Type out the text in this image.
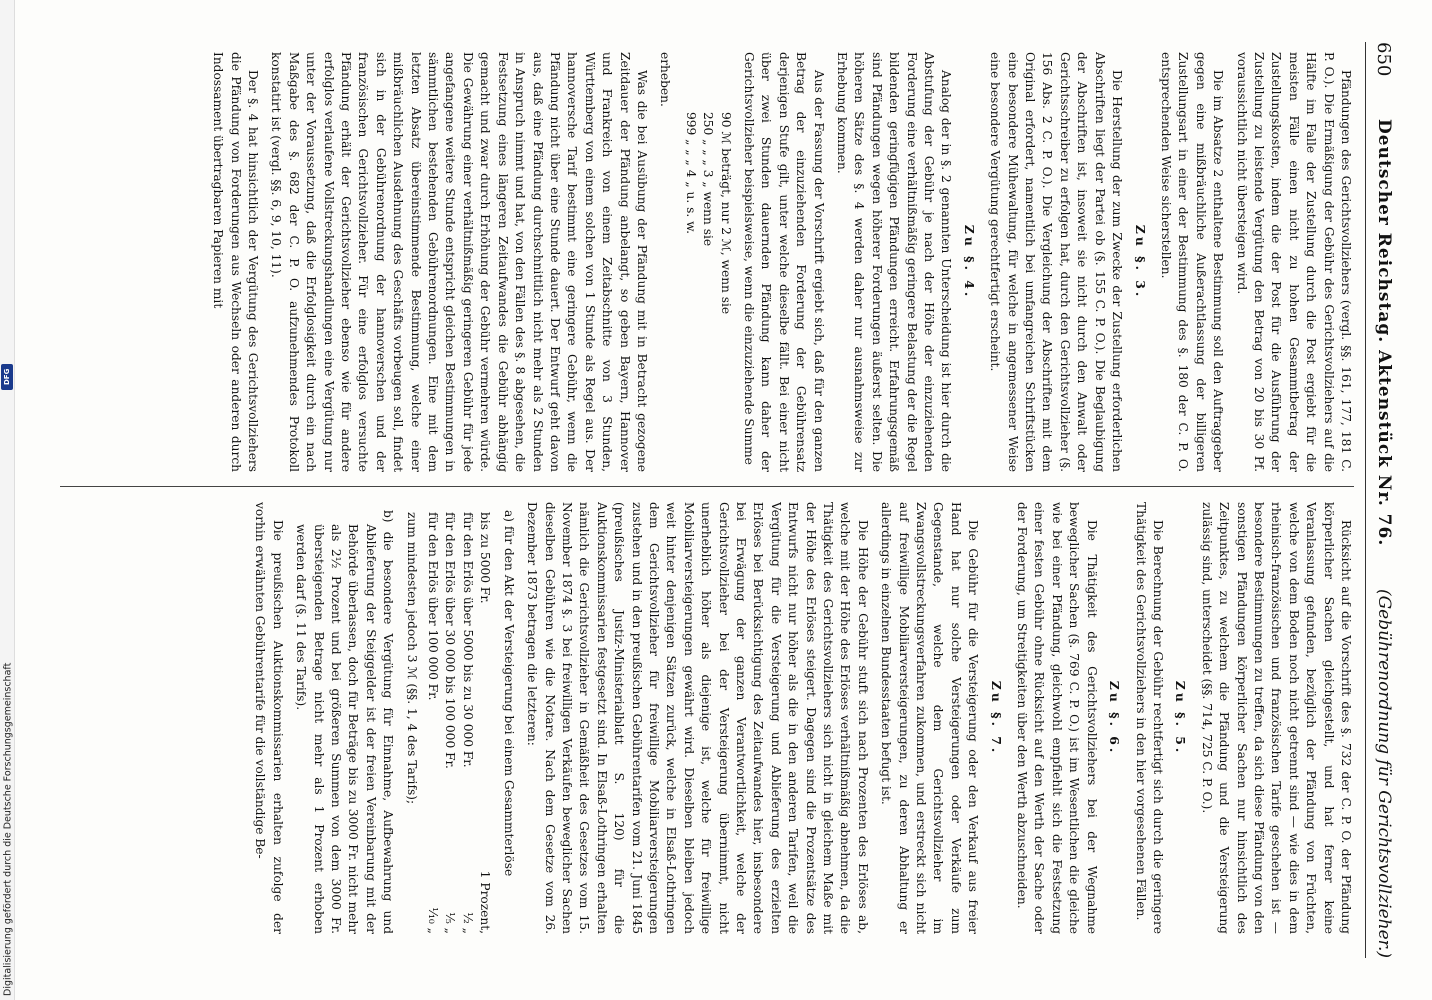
650
Deutscher Reichstag. Aktenstück Nr. 76.
(Gebührenordnung für Gerichtsvollzieher.)

Pfändungen des Gerichtsvollziehers (vergl. §§. 161, 177, 181 C. P. O.). Die Ermäßigung der Gebühr des Gerichtsvollziehers auf die Hälfte im Falle der Zustellung durch die Post ergiebt für die meisten Fälle einen nicht zu hohen Gesammtbetrag der Zustellungskosten, indem die der Post für die Ausführung der Zustellung zu leistende Vergütung den Betrag von 20 bis 30 Pf. voraussichtlich nicht übersteigen wird.

Die im Absatze 2 enthaltene Bestimmung soll den Auftraggeber gegen eine mißbräuchliche Außerachtlassung der billigeren Zustellungsart in einer der Bestimmung des §. 180 der C. P. O. entsprechenden Weise sicherstellen.

Zu §. 3.

Die Herstellung der zum Zwecke der Zustellung erforderlichen Abschriften liegt der Partei ob (§. 155 C. P. O.). Die Beglaubigung der Abschriften ist, insoweit sie nicht durch den Anwalt oder Gerichtsschreiber zu erfolgen hat, durch den Gerichtsvollzieher (§. 156 Abs. 2 C. P. O.). Die Vergleichung der Abschriften mit dem Original erfordert, namentlich bei umfangreichen Schriftstücken eine besondere Mühewaltung, für welche in angemessener Weise eine besondere Vergütung gerechtfertigt erscheint.

Zu §. 4.

Analog der in §. 2 genannten Unterscheidung ist hier durch die Abstufung der Gebühr je nach der Höhe der einzuziehenden Forderung eine verhältnißmäßig geringere Belastung der die Regel bildenden geringfügigen Pfändungen erreicht. Erfahrungsgemäß sind Pfändungen wegen höherer Forderungen äußerst selten. Die höheren Sätze des §. 4 werden daher nur ausnahmsweise zur Erhebung kommen.

Aus der Fassung der Vorschrift ergiebt sich, daß für den ganzen Betrag der einzuziehenden Forderung der Gebührensatz derjenigen Stufe gilt, unter welche dieselbe fällt. Bei einer nicht über zwei Stunden dauernden Pfändung kann daher der Gerichtsvollzieher beispielsweise, wenn die einzuziehende Summe

90 ℳ beträgt, nur 2 ℳ, wenn sie
250 „ „ „ 3 „ wenn sie
999 „ „ „ 4 „ u. s. w.

erheben.

Was die bei Ausübung der Pfändung mit in Betracht gezogene Zeitdauer der Pfändung anbelangt, so geben Bayern, Hannover und Frankreich von einem Zeitabschnitte von 3 Stunden, Württemberg von einem solchen von 1 Stunde als Regel aus. Der hannoversche Tarif bestimmt eine geringere Gebühr, wenn die Pfändung nicht über eine Stunde dauert. Der Entwurf geht davon aus, daß eine Pfändung durchschnittlich nicht mehr als 2 Stunden in Anspruch nimmt und hat, von den Fällen des §. 8 abgesehen, die Festsetzung eines längeren Zeitaufwandes die Gebühr abhängig gemacht und zwar durch Erhöhung der Gebühr vermehren würde. Die Gewährung einer verhältnißmäßig geringeren Gebühr für jede angefangene weitere Stunde entspricht gleichen Bestimmungen in sämmtlichen bestehenden Gebührenordnungen. Eine mit dem letzten Absatz übereinstimmende Bestimmung, welche einer mißbräuchlichen Ausdehnung des Geschäfts vorbeugen soll, findet sich in der Gebührenordnung der hannoverschen und der französischen Gerichtsvollzieher. Für eine erfolglos versuchte Pfändung erhält der Gerichtsvollzieher ebenso wie für andere erfolglos verlaufene Vollstreckungshandlungen eine Vergütung nur unter der Voraussetzung, daß die Erfolglosigkeit durch ein nach Maßgabe des §. 682 der C. P. O. aufzunehmendes Protokoll konstatirt ist (vergl. §§. 6, 9, 10, 11).

Der §. 4 hat hinsichtlich der Vergütung des Gerichtsvollziehers die Pfändung von Forderungen aus Wechseln oder anderen durch Indossament übertragbaren Papieren mit

Rücksicht auf die Vorschrift des §. 732 der C. P. O. der Pfändung körperlicher Sachen gleichgestellt, und hat ferner keine Veranlassung gefunden, bezüglich der Pfändung von Früchten, welche von dem Boden noch nicht getrennt sind — wie dies in dem rheinisch-französischen und französischen Tarife geschehen ist — besondere Bestimmungen zu treffen, da sich diese Pfändung von den sonstigen Pfändungen körperlicher Sachen nur hinsichtlich des Zeitpunktes, zu welchem die Pfändung und die Versteigerung zulässig sind, unterscheidet (§§. 714, 725 C. P. O.).

Zu §. 5.

Die Berechnung der Gebühr rechtfertigt sich durch die geringere Thätigkeit des Gerichtsvollziehers in den hier vorgesehenen Fällen.

Zu §. 6.

Die Thätigkeit des Gerichtsvollziehers bei der Wegnahme beweglicher Sachen (§. 769 C. P. O.) ist im Wesentlichen die gleiche wie bei einer Pfändung, gleichwohl empfiehlt sich die Festsetzung einer festen Gebühr ohne Rücksicht auf den Werth der Sache oder der Forderung, um Streitigkeiten über den Werth abzuschneiden.

Zu §. 7.

Die Gebühr für die Versteigerung oder den Verkauf aus freier Hand hat nur solche Versteigerungen oder Verkäufe zum Gegenstande, welche dem Gerichtsvollzieher im Zwangsvollstreckungsverfahren zukommen, und erstreckt sich nicht auf freiwillige Mobiliarversteigerungen, zu deren Abhaltung er allerdings in einzelnen Bundesstaaten befugt ist.

Die Höhe der Gebühr stuft sich nach Prozenten des Erlöses ab, welche mit der Höhe des Erlöses verhältnißmäßig abnehmen, da die Thätigkeit des Gerichtsvollziehers sich nicht in gleichem Maße mit der Höhe des Erlöses steigert. Dagegen sind die Prozentsätze des Entwurfs nicht nur höher als die in den anderen Tarifen, weil die Vergütung für die Versteigerung und Ablieferung des erzielten Erlöses bei Berücksichtigung des Zeitaufwandes hier, insbesondere bei Erwägung der ganzen Verantwortlichkeit, welche der Gerichtsvollzieher bei der Versteigerung übernimmt, nicht unerheblich höher als diejenige ist, welche für freiwillige Mobiliarversteigerungen gewährt wird. Dieselben bleiben jedoch weit hinter denjenigen Sätzen zurück, welche in Elsaß-Lothringen dem Gerichtsvollzieher für freiwillige Mobiliarversteigerungen zustehen und in den preußischen Gebührentarifen vom 21. Juni 1845 (preußisches Justiz-Ministerialblatt S. 120) für die Auktionskommissarien festgesetzt sind. In Elsaß-Lothringen erhalten nämlich die Gerichtsvollzieher in Gemäßheit des Gesetzes vom 15. November 1874 §. 3 bei freiwilligen Verkäufen beweglicher Sachen dieselben Gebühren wie die Notare. Nach dem Gesetze vom 26. Dezember 1873 betragen die letzteren:

a) für den Akt der Versteigerung bei einem Gesammterlöse

bis zu 5000 Fr.
1 Prozent,
für den Erlös über 5000 bis zu 30 000 Fr.
½ „
für den Erlös über 30 000 bis 100 000 Fr.
⅕ „
für den Erlös über 100 000 Fr.
⅒ „

zum mindesten jedoch 3 ℳ (§§. 1, 4 des Tarifs);

b) die besondere Vergütung für Einnahme, Aufbewahrung und Ablieferung der Steiggelder ist der freien Vereinbarung mit der Behörde überlassen, doch für Beträge bis zu 3000 Fr. nicht mehr als 2½ Prozent und bei größeren Summen von dem 3000 Fr. übersteigenden Betrage nicht mehr als 1 Prozent erhoben werden darf (§. 11 des Tarifs).

Die preußischen Auktionskommissarien erhalten zufolge der vorhin erwähnten Gebührentarife für die vollständige Be-

DFG
Digitalisierung gefördert durch die Deutsche Forschungsgemeinschaft
